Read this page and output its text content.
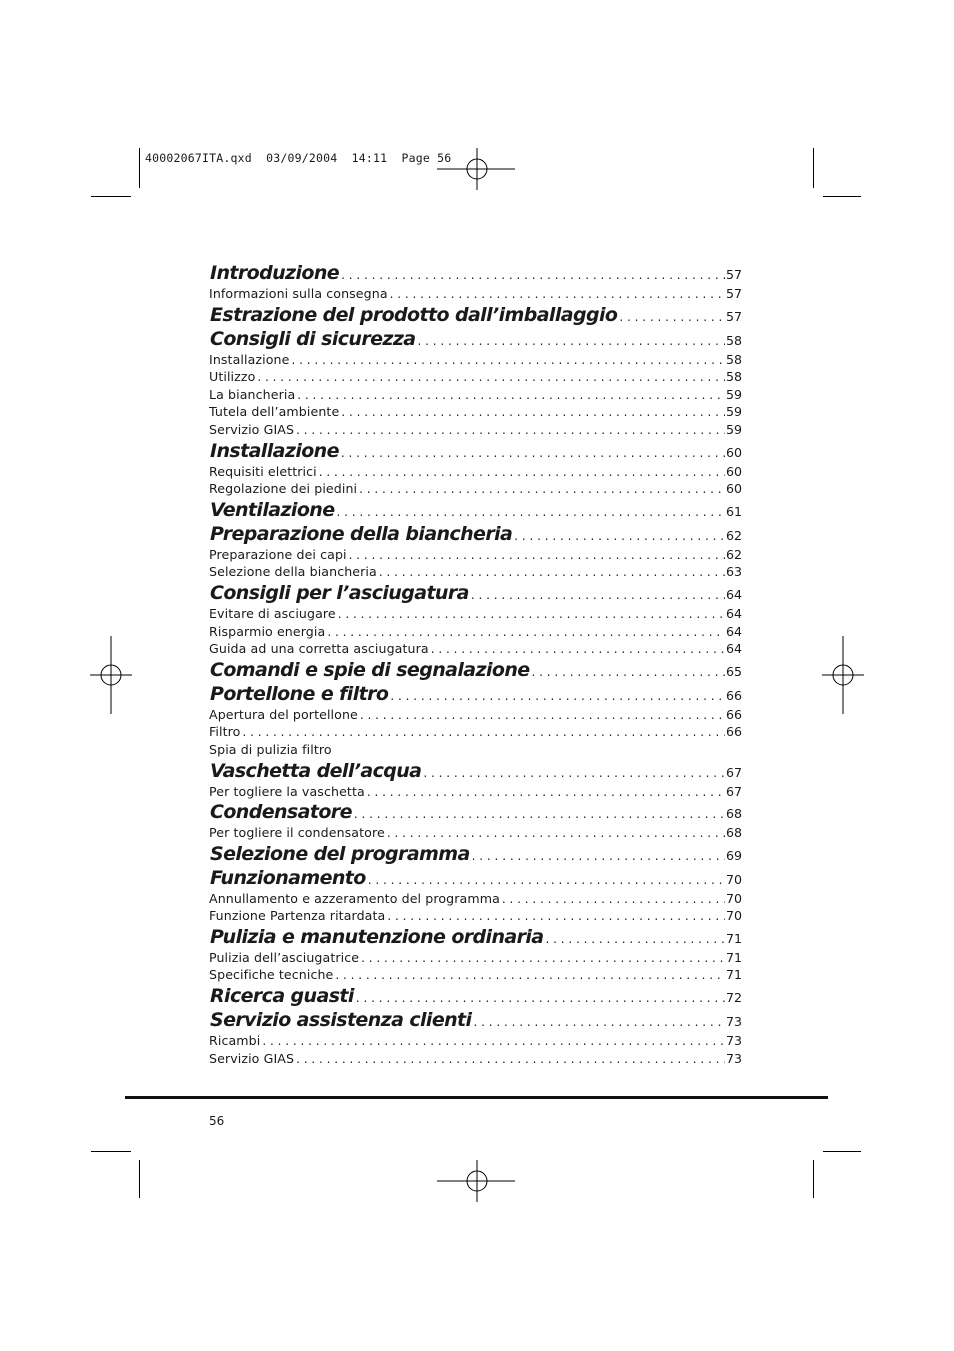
40002067ITA.qxd  03/09/2004  14:11  Page 56
Introduzione . . .	57
Informazioni sulla consegna . . .	57
Estrazione del prodotto dall’imballaggio . . .	57
Consigli di sicurezza . . .	58
Installazione . . .	58
Utilizzo . . .	58
La biancheria . . .	59
Tutela dell’ambiente . . .	59
Servizio GIAS . . .	59
Installazione . . .	60
Requisiti elettrici . . .	60
Regolazione dei piedini . . .	60
Ventilazione . . .	61
Preparazione della biancheria . . .	62
Preparazione dei capi . . .	62
Selezione della biancheria . . .	63
Consigli per l’asciugatura . . .	64
Evitare di asciugare . . .	64
Risparmio energia . . .	64
Guida ad una corretta asciugatura . . .	64
Comandi e spie di segnalazione . . .	65
Portellone e filtro . . .	66
Apertura del portellone . . .	66
Filtro . . .	66
Spia di pulizia filtro
Vaschetta dell’acqua . . .	67
Per togliere la vaschetta . . .	67
Condensatore . . .	68
Per togliere il condensatore . . .	68
Selezione del programma . . .	69
Funzionamento . . .	70
Annullamento e azzeramento del programma . . .	70
Funzione Partenza ritardata . . .	70
Pulizia e manutenzione ordinaria . . .	71
Pulizia dell’asciugatrice . . .	71
Specifiche tecniche . . .	71
Ricerca guasti . . .	72
Servizio assistenza clienti . . .	73
Ricambi . . .	73
Servizio GIAS . . .	73
56
